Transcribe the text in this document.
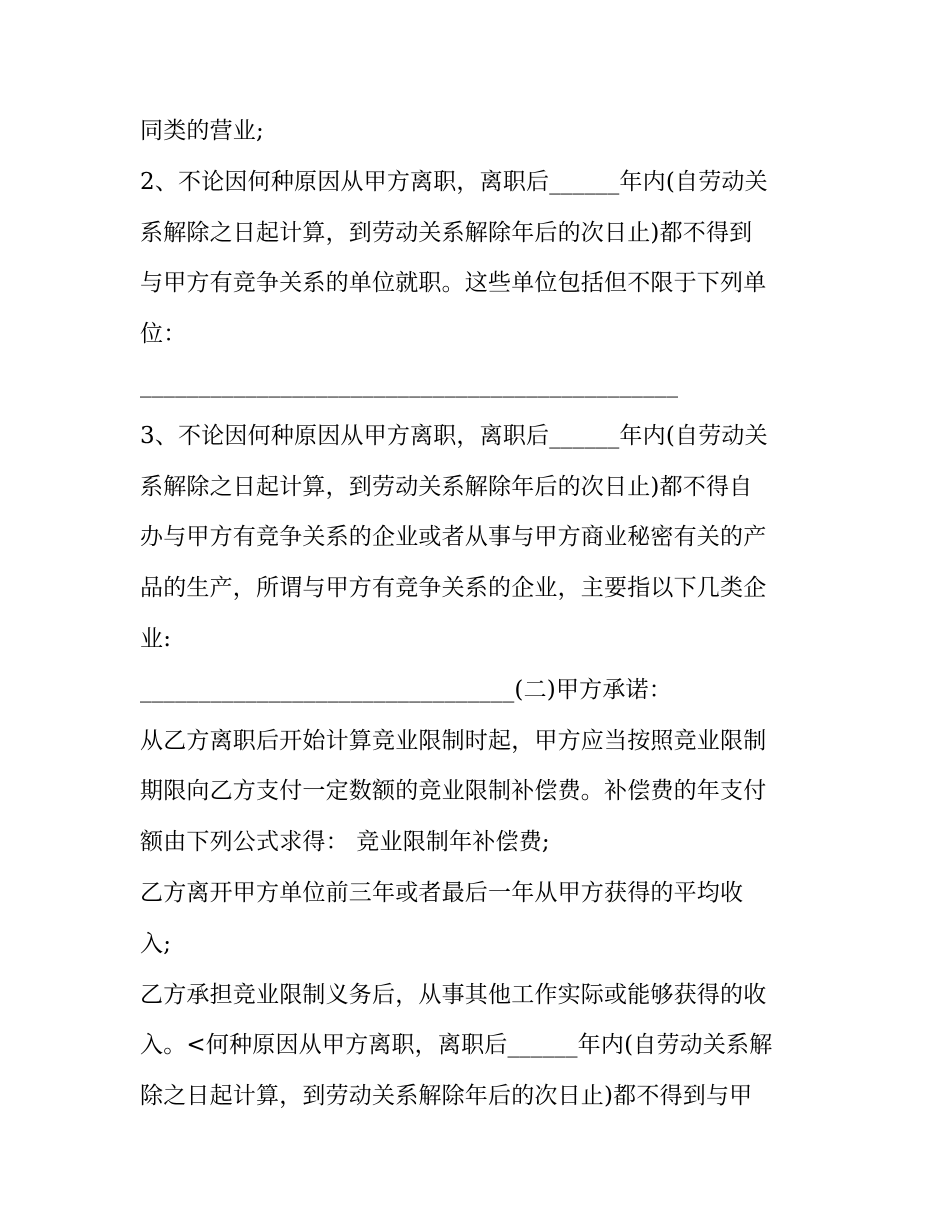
同类的营业;
2、不论因何种原因从甲方离职，离职后______年内(自劳动关
系解除之日起计算，到劳动关系解除年后的次日止)都不得到
与甲方有竞争关系的单位就职。这些单位包括但不限于下列单
位：
______________________________________________
3、不论因何种原因从甲方离职，离职后______年内(自劳动关
系解除之日起计算，到劳动关系解除年后的次日止)都不得自
办与甲方有竞争关系的企业或者从事与甲方商业秘密有关的产
品的生产，所谓与甲方有竞争关系的企业，主要指以下几类企
业:
________________________________(二)甲方承诺：
从乙方离职后开始计算竞业限制时起，甲方应当按照竞业限制
期限向乙方支付一定数额的竞业限制补偿费。补偿费的年支付
额由下列公式求得： 竞业限制年补偿费;
乙方离开甲方单位前三年或者最后一年从甲方获得的平均收
入;
乙方承担竞业限制义务后，从事其他工作实际或能够获得的收
入。<何种原因从甲方离职，离职后______年内(自劳动关系解
除之日起计算，到劳动关系解除年后的次日止)都不得到与甲
